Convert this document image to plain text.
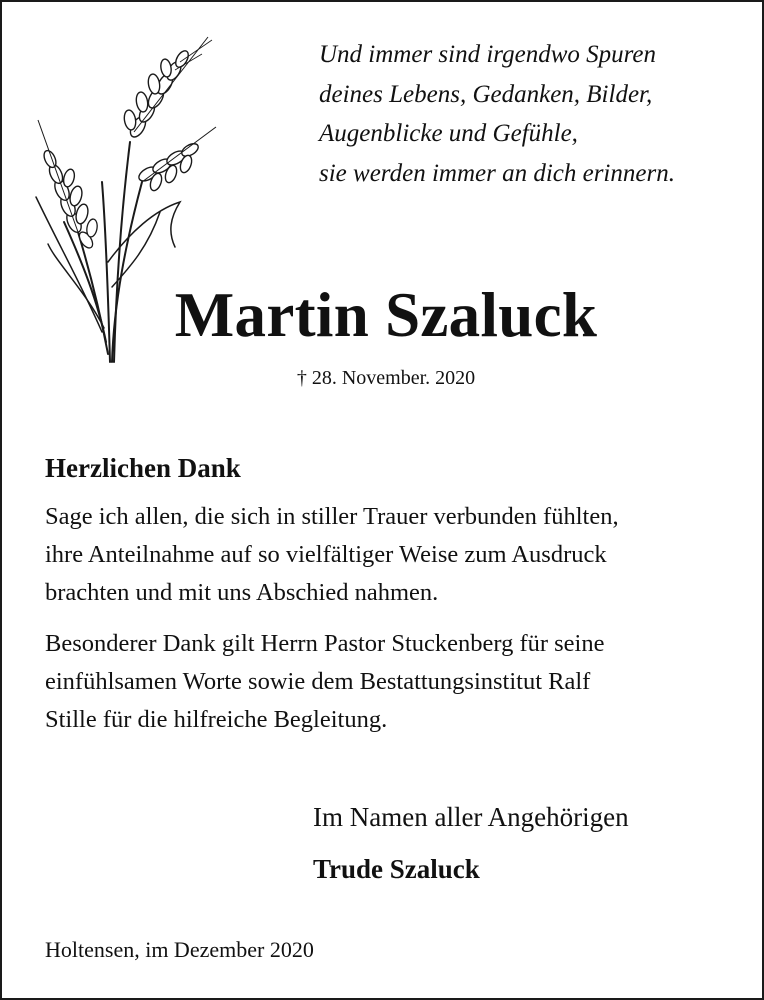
Und immer sind irgendwo Spuren
deines Lebens, Gedanken, Bilder,
Augenblicke und Gefühle,
sie werden immer an dich erinnern.
Martin Szaluck
† 28. November. 2020
Herzlichen Dank
Sage ich allen, die sich in stiller Trauer verbunden fühlten,
ihre Anteilnahme auf so vielfältiger Weise zum Ausdruck
brachten und mit uns Abschied nahmen.
Besonderer Dank gilt Herrn Pastor Stuckenberg für seine
einfühlsamen Worte sowie dem Bestattungsinstitut Ralf
Stille für die hilfreiche Begleitung.
Im Namen aller Angehörigen
Trude Szaluck
Holtensen, im Dezember 2020
